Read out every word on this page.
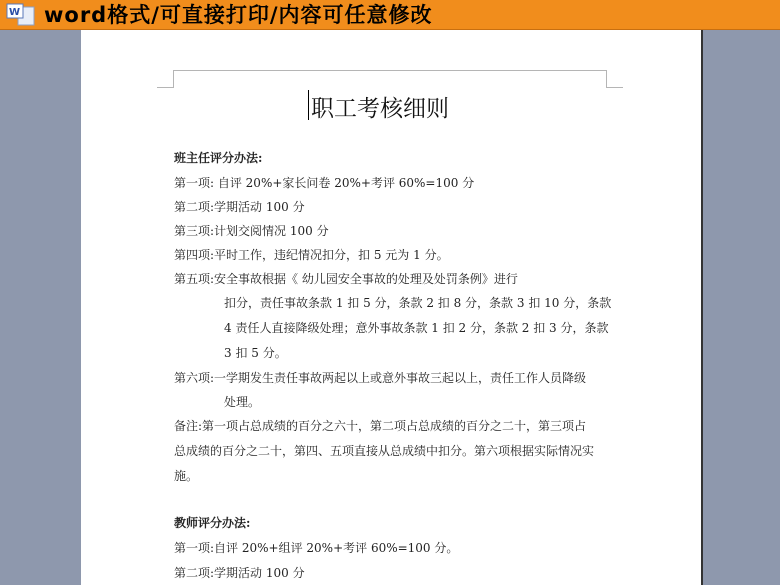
W word格式/可直接打印/内容可任意修改
职工考核细则
班主任评分办法:
第一项: 自评 20%+家长问卷 20%+考评 60%=100 分
第二项:学期活动 100 分
第三项:计划交阅情况 100 分
第四项:平时工作，违纪情况扣分，扣 5 元为 1 分。
第五项:安全事故根据《 幼儿园安全事故的处理及处罚条例》进行
扣分，责任事故条款 1 扣 5 分，条款 2 扣 8 分，条款 3 扣 10 分，条款
4 责任人直接降级处理；意外事故条款 1 扣 2 分，条款 2 扣 3 分，条款
3 扣 5 分。
第六项:一学期发生责任事故两起以上或意外事故三起以上，责任工作人员降级
处理。
备注:第一项占总成绩的百分之六十，第二项占总成绩的百分之二十，第三项占
总成绩的百分之二十，第四、五项直接从总成绩中扣分。第六项根据实际情况实
施。
教师评分办法:
第一项:自评 20%+组评 20%+考评 60%=100 分。
第二项:学期活动 100 分
